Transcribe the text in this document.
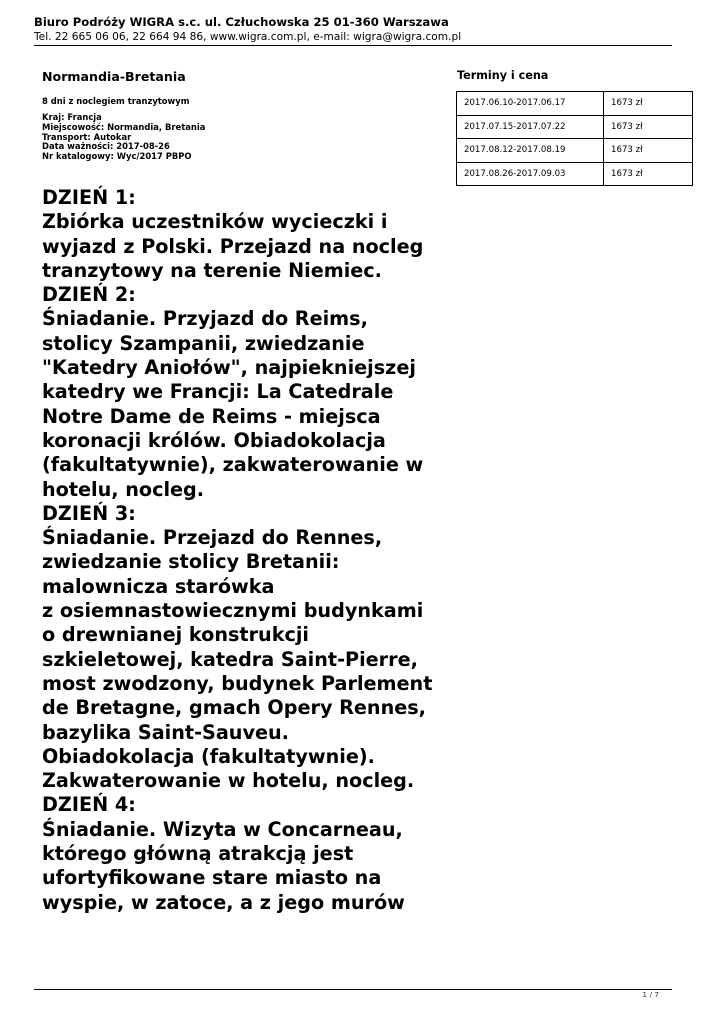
Biuro Podróży WIGRA s.c. ul. Człuchowska 25 01-360 Warszawa
Tel. 22 665 06 06, 22 664 94 86, www.wigra.com.pl, e-mail: wigra@wigra.com.pl
Normandia-Bretania
8 dni z noclegiem tranzytowym
Kraj: Francja
Miejscowość: Normandia, Bretania
Transport: Autokar
Data ważności: 2017-08-26
Nr katalogowy: Wyc/2017 PBPO
DZIEŃ 1:
Zbiórka uczestników wycieczki i
wyjazd z Polski. Przejazd na nocleg
tranzytowy na terenie Niemiec.
DZIEŃ 2:
Śniadanie. Przyjazd do Reims,
stolicy Szampanii, zwiedzanie
"Katedry Aniołów", najpiekniejszej
katedry we Francji: La Catedrale
Notre Dame de Reims - miejsca
koronacji królów. Obiadokolacja
(fakultatywnie), zakwaterowanie w
hotelu, nocleg.
DZIEŃ 3:
Śniadanie. Przejazd do Rennes,
zwiedzanie stolicy Bretanii:
malownicza starówka
z osiemnastowiecznymi budynkami
o drewnianej konstrukcji
szkieletowej, katedra Saint-Pierre,
most zwodzony, budynek Parlement
de Bretagne, gmach Opery Rennes,
bazylika Saint-Sauveu.
Obiadokolacja (fakultatywnie).
Zakwaterowanie w hotelu, nocleg.
DZIEŃ 4:
Śniadanie. Wizyta w Concarneau,
którego główną atrakcją jest
ufortyfikowane stare miasto na
wyspie, w zatoce, a z jego murów
Terminy i cena
2017.06.10-2017.06.17	1673 zł
2017.07.15-2017.07.22	1673 zł
2017.08.12-2017.08.19	1673 zł
2017.08.26-2017.09.03	1673 zł
1 / 7
